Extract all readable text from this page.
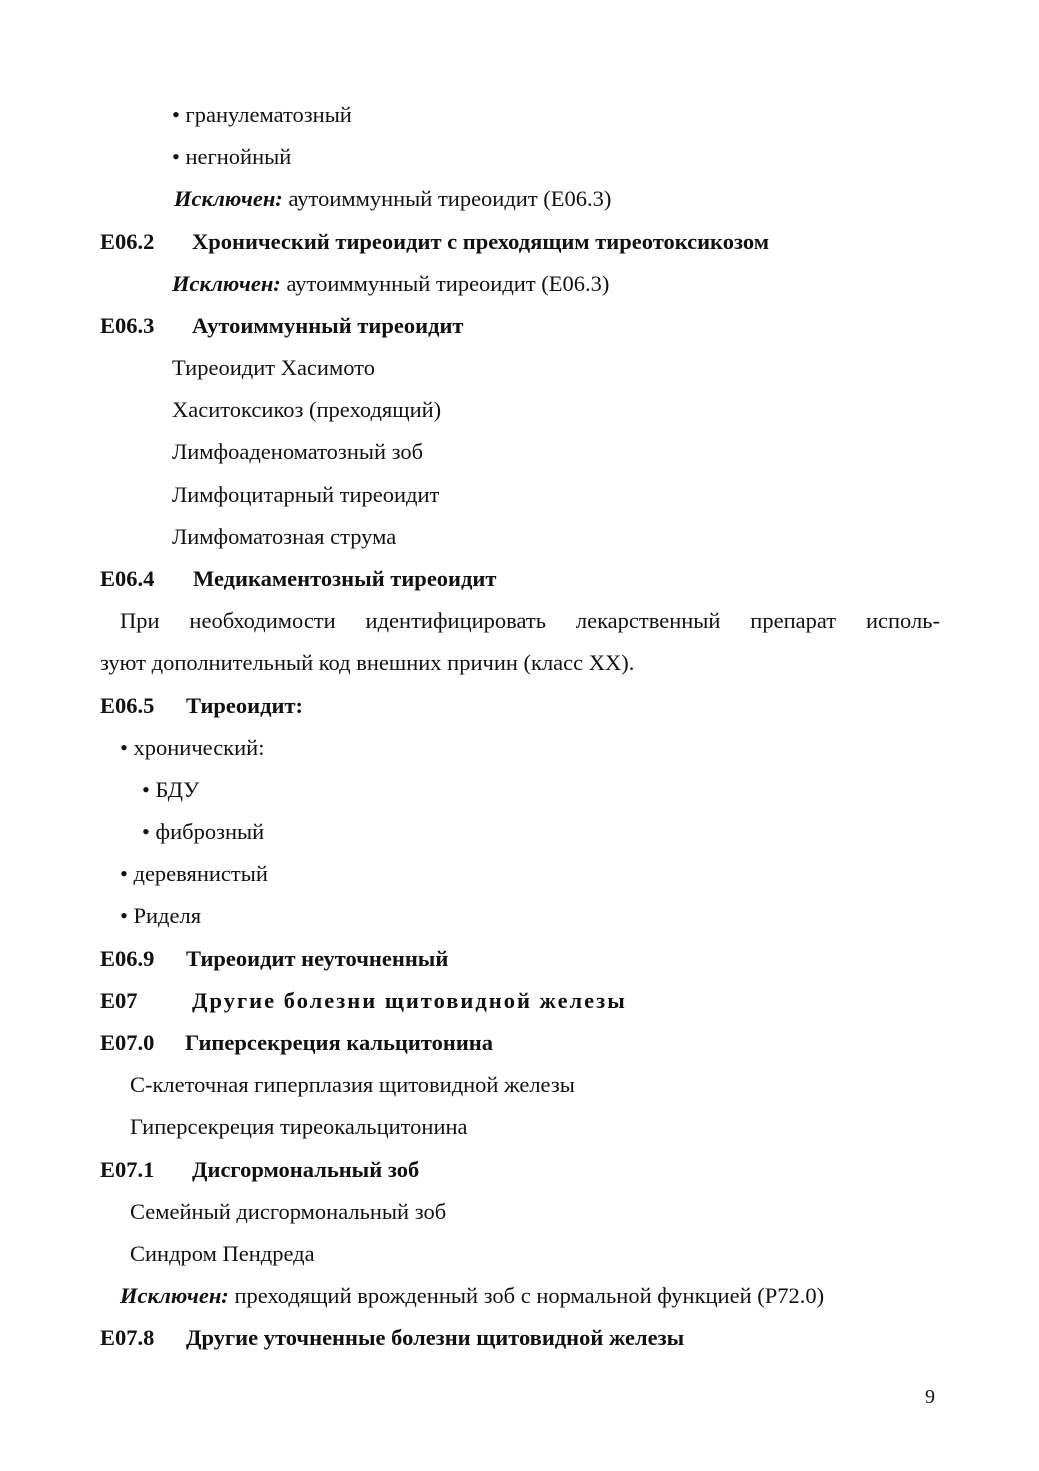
• гранулематозный
• негнойный
Исключен: аутоиммунный тиреоидит (Е06.3)
Е06.2 Хронический тиреоидит с преходящим тиреотоксикозом
Исключен: аутоиммунный тиреоидит (Е06.3)
Е06.3 Аутоиммунный тиреоидит
Тиреоидит Хасимото
Хаситоксикоз (преходящий)
Лимфоаденоматозный зоб
Лимфоцитарный тиреоидит
Лимфоматозная струма
Е06.4 Медикаментозный тиреоидит
При необходимости идентифицировать лекарственный препарат исполь-
зуют дополнительный код внешних причин (класс XX).
Е06.5 Тиреоидит:
• хронический:
• БДУ
• фиброзный
• деревянистый
• Риделя
Е06.9 Тиреоидит неуточненный
Е07 Другие болезни щитовидной железы
Е07.0 Гиперсекреция кальцитонина
С-клеточная гиперплазия щитовидной железы
Гиперсекреция тиреокальцитонина
Е07.1 Дисгормональный зоб
Семейный дисгормональный зоб
Синдром Пендреда
Исключен: преходящий врожденный зоб с нормальной функцией (Р72.0)
Е07.8 Другие уточненные болезни щитовидной железы
9
